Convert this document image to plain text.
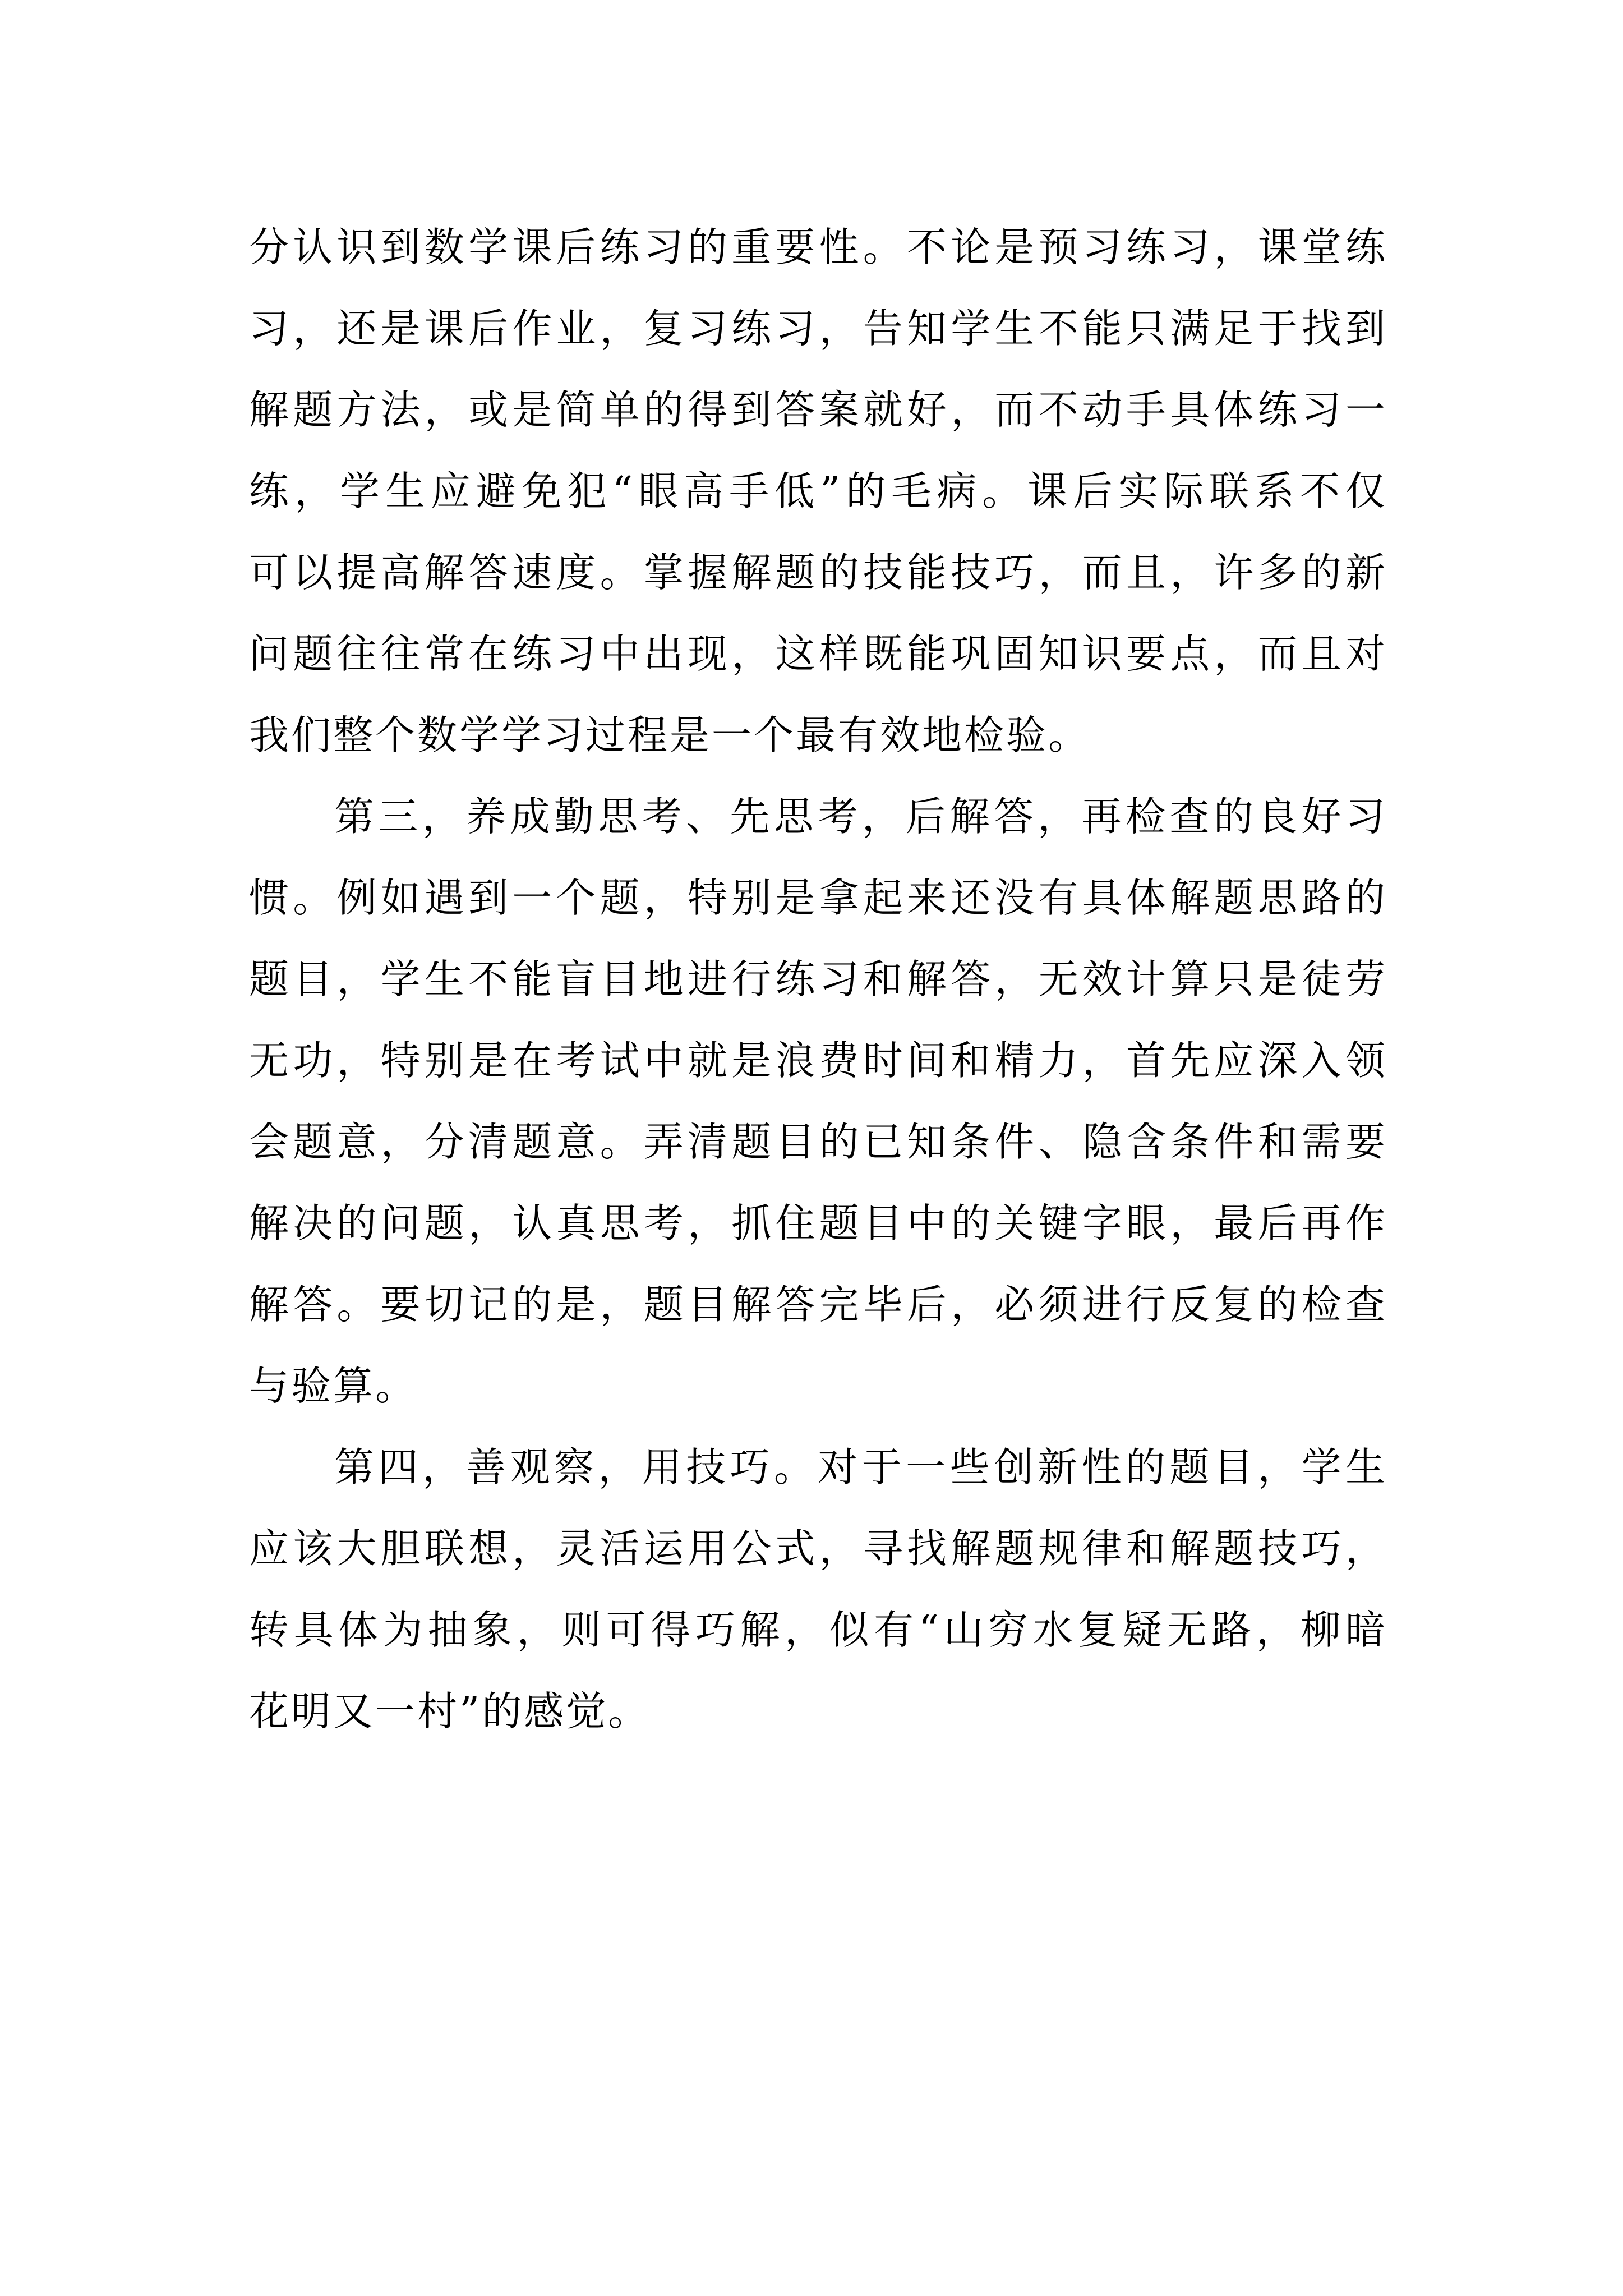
分认识到数学课后练习的重要性。不论是预习练习，课堂练
习，还是课后作业，复习练习，告知学生不能只满足于找到
解题方法，或是简单的得到答案就好，而不动手具体练习一
练，学生应避免犯“眼高手低”的毛病。课后实际联系不仅
可以提高解答速度。掌握解题的技能技巧，而且，许多的新
问题往往常在练习中出现，这样既能巩固知识要点，而且对
我们整个数学学习过程是一个最有效地检验。
第三，养成勤思考、先思考，后解答，再检查的良好习
惯。例如遇到一个题，特别是拿起来还没有具体解题思路的
题目，学生不能盲目地进行练习和解答，无效计算只是徒劳
无功，特别是在考试中就是浪费时间和精力，首先应深入领
会题意，分清题意。弄清题目的已知条件、隐含条件和需要
解决的问题，认真思考，抓住题目中的关键字眼，最后再作
解答。要切记的是，题目解答完毕后，必须进行反复的检查
与验算。
第四，善观察，用技巧。对于一些创新性的题目，学生
应该大胆联想，灵活运用公式，寻找解题规律和解题技巧，
转具体为抽象，则可得巧解，似有“山穷水复疑无路，柳暗
花明又一村”的感觉。
